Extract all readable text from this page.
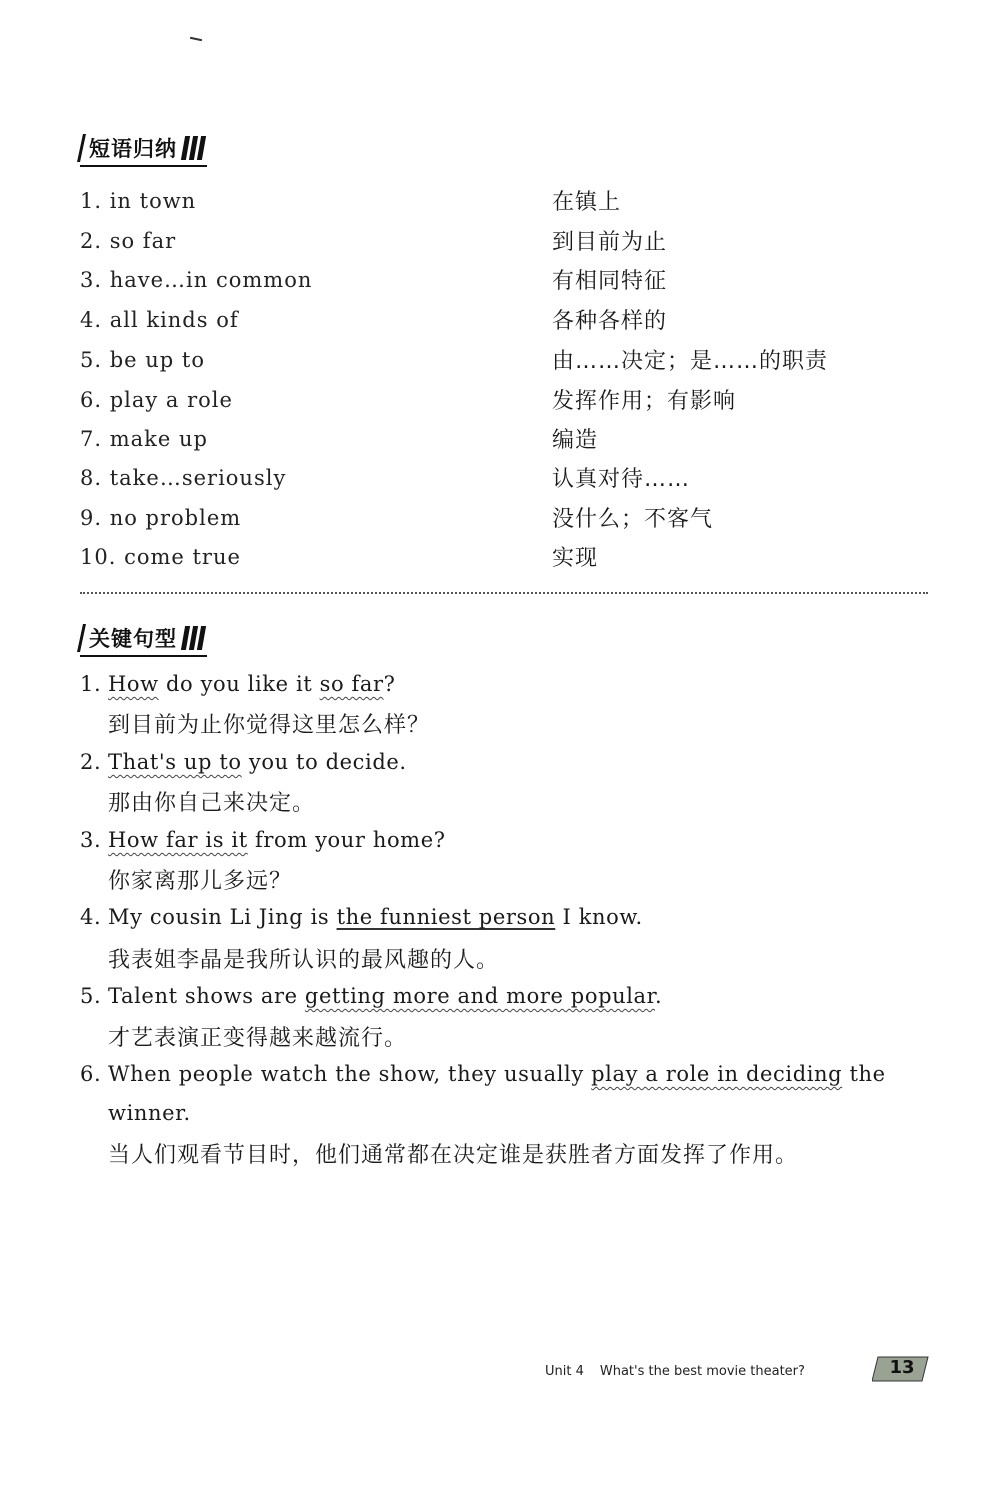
短语归纳
1. in town	在镇上
2. so far	到目前为止
3. have…in common	有相同特征
4. all kinds of	各种各样的
5. be up to	由……决定；是……的职责
6. play a role	发挥作用；有影响
7. make up	编造
8. take…seriously	认真对待……
9. no problem	没什么；不客气
10. come true	实现
关键句型
1. How do you like it so far?
到目前为止你觉得这里怎么样？
2. That's up to you to decide.
那由你自己来决定。
3. How far is it from your home?
你家离那儿多远？
4. My cousin Li Jing is the funniest person I know.
我表姐李晶是我所认识的最风趣的人。
5. Talent shows are getting more and more popular.
才艺表演正变得越来越流行。
6. When people watch the show, they usually play a role in deciding the
winner.
当人们观看节目时，他们通常都在决定谁是获胜者方面发挥了作用。
Unit 4 What's the best movie theater?	13
